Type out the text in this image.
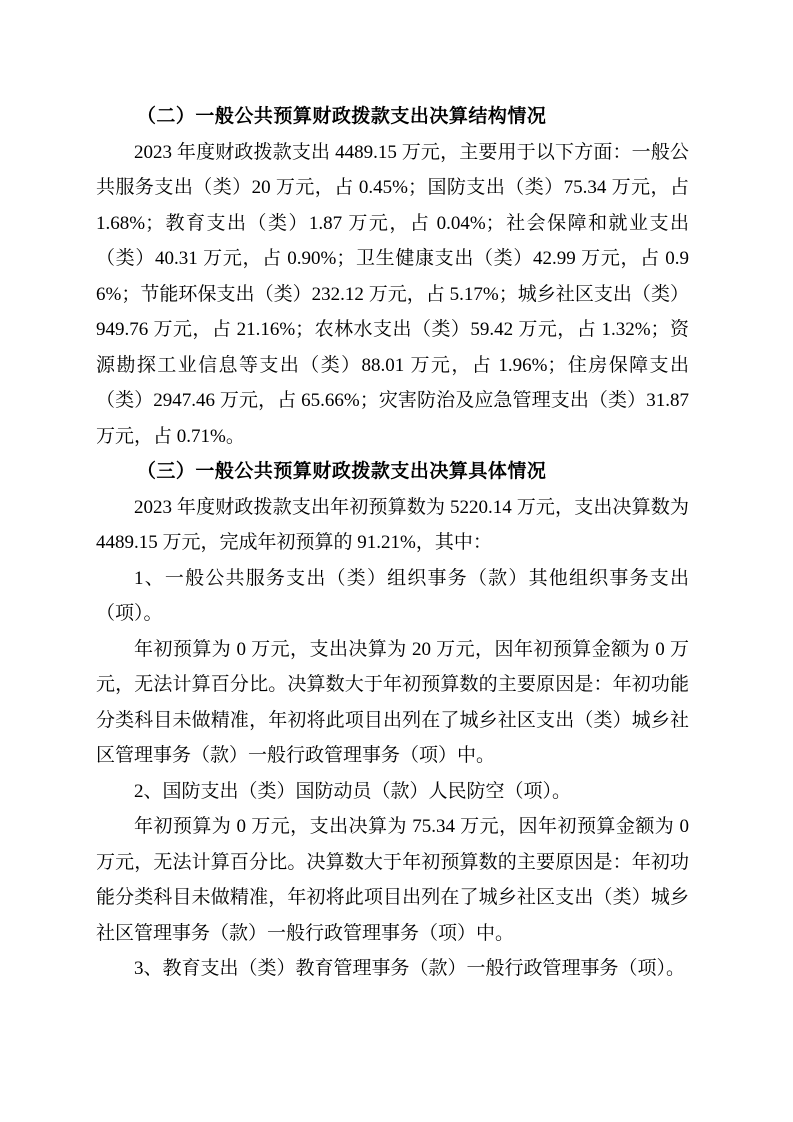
（二）一般公共预算财政拨款支出决算结构情况

2023 年度财政拨款支出 4489.15 万元，主要用于以下方面：一般公共服务支出（类）20 万元，占 0.45%；国防支出（类）75.34 万元，占 1.68%；教育支出（类）1.87 万元，占 0.04%；社会保障和就业支出（类）40.31 万元，占 0.90%；卫生健康支出（类）42.99 万元，占 0.96%；节能环保支出（类）232.12 万元，占 5.17%；城乡社区支出（类）949.76 万元，占 21.16%；农林水支出（类）59.42 万元，占 1.32%；资源勘探工业信息等支出（类）88.01 万元，占 1.96%；住房保障支出（类）2947.46 万元，占 65.66%；灾害防治及应急管理支出（类）31.87 万元，占 0.71%。

（三）一般公共预算财政拨款支出决算具体情况

2023 年度财政拨款支出年初预算数为 5220.14 万元，支出决算数为 4489.15 万元，完成年初预算的 91.21%，其中：

1、一般公共服务支出（类）组织事务（款）其他组织事务支出（项）。

年初预算为 0 万元，支出决算为 20 万元，因年初预算金额为 0 万元，无法计算百分比。决算数大于年初预算数的主要原因是：年初功能分类科目未做精准，年初将此项目出列在了城乡社区支出（类）城乡社区管理事务（款）一般行政管理事务（项）中。

2、国防支出（类）国防动员（款）人民防空（项）。

年初预算为 0 万元，支出决算为 75.34 万元，因年初预算金额为 0 万元，无法计算百分比。决算数大于年初预算数的主要原因是：年初功能分类科目未做精准，年初将此项目出列在了城乡社区支出（类）城乡社区管理事务（款）一般行政管理事务（项）中。

3、教育支出（类）教育管理事务（款）一般行政管理事务（项）。
